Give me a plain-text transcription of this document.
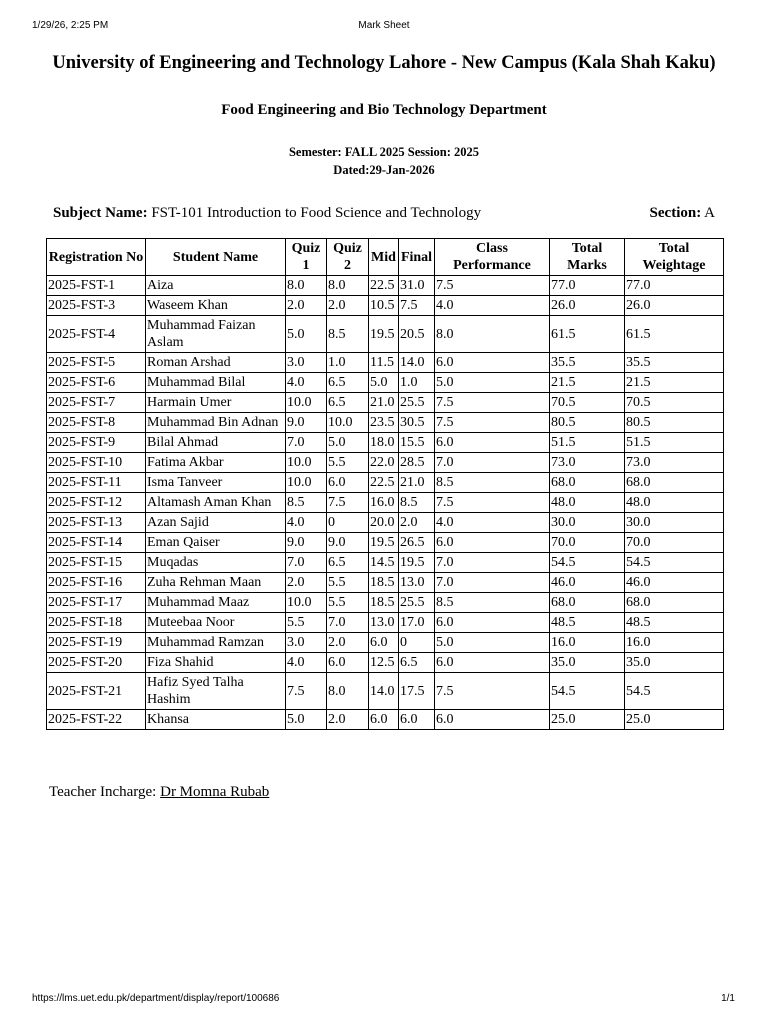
1/29/26, 2:25 PM	Mark Sheet
University of Engineering and Technology Lahore - New Campus (Kala Shah Kaku)
Food Engineering and Bio Technology Department
Semester: FALL 2025 Session: 2025
Dated:29-Jan-2026
Subject Name: FST-101 Introduction to Food Science and Technology	Section: A
Registration No	Student Name	Quiz 1	Quiz 2	Mid	Final	Class Performance	Total Marks	Total Weightage
2025-FST-1	Aiza	8.0	8.0	22.5	31.0	7.5	77.0	77.0
2025-FST-3	Waseem Khan	2.0	2.0	10.5	7.5	4.0	26.0	26.0
2025-FST-4	Muhammad Faizan Aslam	5.0	8.5	19.5	20.5	8.0	61.5	61.5
2025-FST-5	Roman Arshad	3.0	1.0	11.5	14.0	6.0	35.5	35.5
2025-FST-6	Muhammad Bilal	4.0	6.5	5.0	1.0	5.0	21.5	21.5
2025-FST-7	Harmain Umer	10.0	6.5	21.0	25.5	7.5	70.5	70.5
2025-FST-8	Muhammad Bin Adnan	9.0	10.0	23.5	30.5	7.5	80.5	80.5
2025-FST-9	Bilal Ahmad	7.0	5.0	18.0	15.5	6.0	51.5	51.5
2025-FST-10	Fatima Akbar	10.0	5.5	22.0	28.5	7.0	73.0	73.0
2025-FST-11	Isma Tanveer	10.0	6.0	22.5	21.0	8.5	68.0	68.0
2025-FST-12	Altamash Aman Khan	8.5	7.5	16.0	8.5	7.5	48.0	48.0
2025-FST-13	Azan Sajid	4.0	0	20.0	2.0	4.0	30.0	30.0
2025-FST-14	Eman Qaiser	9.0	9.0	19.5	26.5	6.0	70.0	70.0
2025-FST-15	Muqadas	7.0	6.5	14.5	19.5	7.0	54.5	54.5
2025-FST-16	Zuha Rehman Maan	2.0	5.5	18.5	13.0	7.0	46.0	46.0
2025-FST-17	Muhammad Maaz	10.0	5.5	18.5	25.5	8.5	68.0	68.0
2025-FST-18	Muteebaa Noor	5.5	7.0	13.0	17.0	6.0	48.5	48.5
2025-FST-19	Muhammad Ramzan	3.0	2.0	6.0	0	5.0	16.0	16.0
2025-FST-20	Fiza Shahid	4.0	6.0	12.5	6.5	6.0	35.0	35.0
2025-FST-21	Hafiz Syed Talha Hashim	7.5	8.0	14.0	17.5	7.5	54.5	54.5
2025-FST-22	Khansa	5.0	2.0	6.0	6.0	6.0	25.0	25.0
Teacher Incharge: Dr Momna Rubab
https://lms.uet.edu.pk/department/display/report/100686	1/1
